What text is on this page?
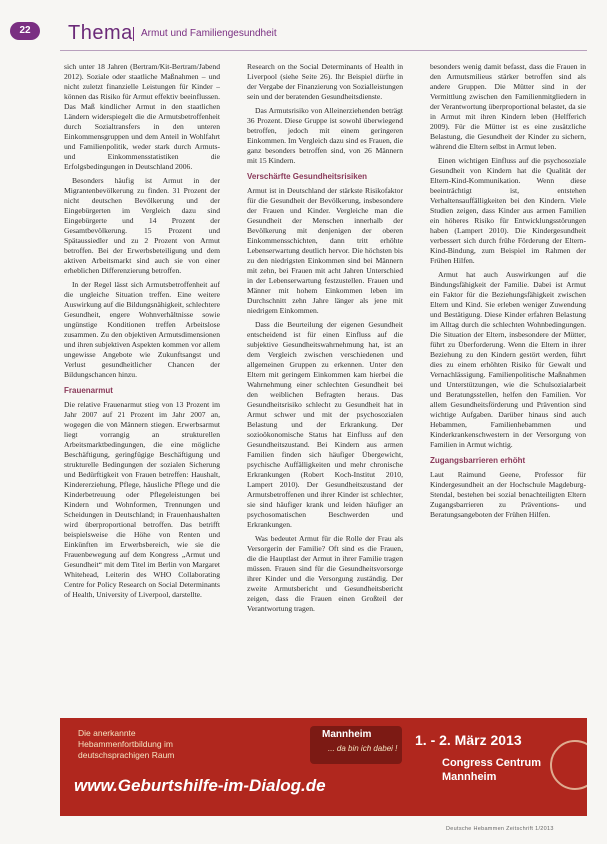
22	Thema Armut und Familiengesundheit

sich unter 18 Jahren (Bertram/Kit-Bertram/Jabend 2012). Soziale oder staatliche Maßnahmen – und nicht zuletzt finanzielle Leistungen für Kinder – können das Risiko für Armut effektiv beeinflussen. Das Maß kindlicher Armut in den staatlichen Ländern widerspiegelt die die Armutsbetroffenheit durch Sozialtransfers in den unteren Einkommensgruppen und dem Anteil in Wohlfahrt und Familienpolitik, weder stark durch Armuts- und Einkommensstatistiken die Erfolgsbedingungen in Deutschland 2006.

Besonders häufig ist Armut in der Migrantenbevölkerung zu finden. 31 Prozent der nicht deutschen Bevölkerung und der Eingebürgerten im Vergleich dazu sind Eingebürgerte und 14 Prozent der Gesamtbevölkerung. 15 Prozent und Spätaussiedler und zu 2 Prozent von Armut betroffen. Bei der Erwerbsbeteiligung und dem aktiven Arbeitsmarkt sind auch sie von einer erheblichen Differenzierung betroffen.

In der Regel lässt sich Armutsbetroffenheit auf die ungleiche Situation treffen. Eine weitere Auswirkung auf die Bildungsnähigkeit, schlechtere Gesundheit, engere Wohnverhältnisse sowie ungünstige Konditionen treffen Arbeitslose zusammen. Zu den objektiven Armutsdimensionen und ihren subjektiven Aspekten kommen vor allem ungewisse Angebote wie Zukunftsangst und Verlust gesundheitlicher Chancen der Bildungschancen hinzu.

Frauenarmut

Die relative Frauenarmut stieg von 13 Prozent im Jahr 2007 auf 21 Prozent im Jahr 2007 an, wogegen die von Männern stiegen. Erwerbsarmut liegt vorrangig an strukturellen Arbeitsmarktbedingungen, die eine mögliche Beschäftigung, geringfügige Beschäftigung und strukturelle Bedingungen der sozialen Sicherung und Bedürftigkeit von Frauen betreffen: Haushalt, Kindererziehung, Pflege, häusliche Pflege und die Kinderbetreuung oder Pflegeleistungen bei Kindern und Wohnformen, Trennungen und Scheidungen in Deutschland; in Frauenhaushalten wird überproportional betroffen. Das betrifft beispielsweise die Höhe von Renten und Einkünften im Erwerbsbereich, wie sie die Frauenbewegung auf dem Kongress „Armut und Gesundheit“ mit dem Titel im Berlin von Margaret Whitehead, Leiterin des WHO Collaborating Centre for Policy Research on Social Determinants of Health, University of Liverpool, darstellte.

Research on the Social Determinants of Health in Liverpool (siehe Seite 26). Ihr Beispiel dürfte in der Vergabe der Finanzierung von Sozialleistungen sein und der beratenden Gesundheitsdienste.

Das Armutsrisiko von Alleinerziehenden beträgt 36 Prozent. Diese Gruppe ist sowohl überwiegend betroffen, jedoch mit einem geringeren Einkommen. Im Vergleich dazu sind es Frauen, die ganz besonders betroffen sind, von 26 Männern mit 15 Kindern.

Verschärfte Gesundheitsrisiken

Armut ist in Deutschland der stärkste Risikofaktor für die Gesundheit der Bevölkerung, insbesondere der Frauen und Kinder. Vergleiche man die Gesundheit der Menschen innerhalb der Bevölkerung mit denjenigen der oberen Einkommensschichten, dann tritt erhöhte Lebenserwartung deutlich hervor. Die höchsten bis zu den niedrigsten Einkommen sind bei Männern mit zehn, bei Frauen mit acht Jahren Unterschied in der Lebenserwartung festzustellen. Frauen und Männer mit hohem Einkommen leben im Durchschnitt zehn Jahre länger als jene mit niedrigem Einkommen.

Dass die Beurteilung der eigenen Gesundheit entscheidend ist für einen Einfluss auf die subjektive Gesundheitswahrnehmung hat, ist an dem Vergleich zwischen verschiedenen und allgemeinen Gruppen zu erkennen. Unter den Eltern mit geringem Einkommen kam hierbei die Wahrnehmung einer schlechten Gesundheit bei den weiblichen Befragten heraus. Das Gesundheitsrisiko schlecht zu Gesundheit hat in Armut schwer und mit der psychosozialen Belastung und der Erkrankung. Der sozioökonomische Status hat Einfluss auf den Gesundheitszustand. Bei Kindern aus armen Familien finden sich häufiger Übergewicht, psychische Auffälligkeiten und mehr chronische Erkrankungen (Robert Koch-Institut 2010, Lampert 2010). Der Gesundheitszustand der Armutsbetroffenen und ihrer Kinder ist schlechter, sie sind häufiger krank und leiden häufiger an psychosomatischen Beschwerden und Erkrankungen.

Was bedeutet Armut für die Rolle der Frau als Versorgerin der Familie? Oft sind es die Frauen, die die Hauptlast der Armut in ihrer Familie tragen müssen. Frauen sind für die Gesundheitsvorsorge ihrer Kinder und die Versorgung zuständig. Der zweite Armutsbericht und Gesundheitsbericht zeigen, dass die Frauen einen Großteil der Verantwortung tragen.

besonders wenig damit befasst, dass die Frauen in den Armutsmilieus stärker betroffen sind als andere Gruppen. Die Mütter sind in der Vermittlung zwischen den Familienmitgliedern in der Verantwortung überproportional belastet, da sie in Armut mit ihren Kindern leben (Helfferich 2009). Für die Mütter ist es eine zusätzliche Belastung, die Gesundheit der Kinder zu sichern, während die Eltern selbst in Armut leben.

Einen wichtigen Einfluss auf die psychosoziale Gesundheit von Kindern hat die Qualität der Eltern-Kind-Kommunikation. Wenn diese beeinträchtigt ist, entstehen Verhaltensauffälligkeiten bei den Kindern. Viele Studien zeigen, dass Kinder aus armen Familien ein höheres Risiko für Entwicklungsstörungen haben (Lampert 2010). Die Kindergesundheit verbessert sich durch frühe Förderung der Eltern-Kind-Bindung, zum Beispiel im Rahmen der Frühen Hilfen.

Armut hat auch Auswirkungen auf die Bindungsfähigkeit der Familie. Dabei ist Armut ein Faktor für die Beziehungsfähigkeit zwischen Eltern und Kind. Sie erleben weniger Zuwendung und Bestätigung. Diese Kinder erfahren Belastung im Alltag durch die schlechten Wohnbedingungen. Die Situation der Eltern, insbesondere der Mütter, führt zu Überforderung. Wenn die Eltern in ihrer Beziehung zu den Kindern gestört werden, führt dies zu einem erhöhten Risiko für Gewalt und Vernachlässigung. Familienpolitische Maßnahmen und Unterstützungen, wie die Schulsozialarbeit und Beratungsstellen, helfen den Familien. Vor allem Gesundheitsförderung und Prävention sind wichtige Aufgaben. Darüber hinaus sind auch Hebammen, Familienhebammen und Kinderkrankenschwestern in der Versorgung von Familien in Armut wichtig.

Zugangsbarrieren erhöht

Laut Raimund Geene, Professor für Kindergesundheit an der Hochschule Magdeburg-Stendal, bestehen bei sozial benachteiligten Eltern Zugangsbarrieren zu Präventions- und Beratungsangeboten der Frühen Hilfen.

Die anerkannte
Hebammenfortbildung im
deutschsprachigen Raum
Mannheim
... da bin ich dabei !
1. - 2. März 2013
Congress Centrum
Mannheim
www.Geburtshilfe-im-Dialog.de
Deutsche Hebammen Zeitschrift 1/2013
